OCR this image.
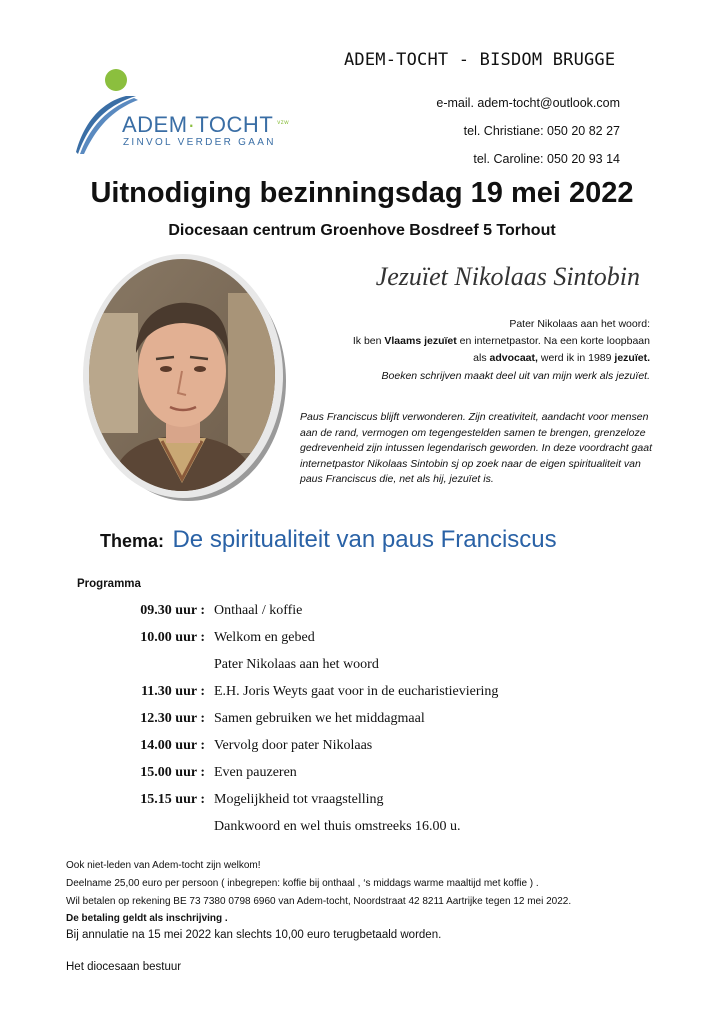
ADEM-TOCHT - BISDOM BRUGGE
e-mail. adem-tocht@outlook.com
tel. Christiane: 050 20 82 27
tel. Caroline: 050 20 93 14
ADEM·TOCHT $^{vzw}$
ZINVOL VERDER GAAN
Uitnodiging bezinningsdag 19 mei 2022
Diocesaan centrum Groenhove Bosdreef 5 Torhout
Jezuïet Nikolaas Sintobin
Pater Nikolaas aan het woord:
Ik ben Vlaams jezuïet en internetpastor. Na een korte loopbaan
als advocaat, werd ik in 1989 jezuïet.
Boeken schrijven maakt deel uit van mijn werk als jezuïet.
Paus Franciscus blijft verwonderen. Zijn creativiteit, aandacht voor mensen aan de rand, vermogen om tegengestelden samen te brengen, grenzeloze gedrevenheid zijn intussen legendarisch geworden. In deze voordracht gaat internetpastor Nikolaas Sintobin sj op zoek naar de eigen spiritualiteit van paus Franciscus die, net als hij, jezuïet is.
Thema: De spiritualiteit van paus Franciscus
Programma
09.30 uur : Onthaal / koffie
10.00 uur : Welkom en gebed
Pater Nikolaas aan het woord
11.30 uur : E.H. Joris Weyts gaat voor in de eucharistieviering
12.30 uur : Samen gebruiken we het middagmaal
14.00 uur : Vervolg door pater Nikolaas
15.00 uur : Even pauzeren
15.15 uur : Mogelijkheid tot vraagstelling
Dankwoord en wel thuis omstreeks 16.00 u.
Ook niet-leden van Adem-tocht zijn welkom!
Deelname 25,00 euro per persoon ( inbegrepen: koffie bij onthaal , ‘s middags warme maaltijd met koffie ) .
Wil betalen op rekening BE 73 7380 0798 6960 van Adem-tocht, Noordstraat 42 8211 Aartrijke tegen 12 mei 2022.
De betaling geldt als inschrijving .
Bij annulatie na 15 mei 2022 kan slechts 10,00 euro terugbetaald worden.
Het diocesaan bestuur
